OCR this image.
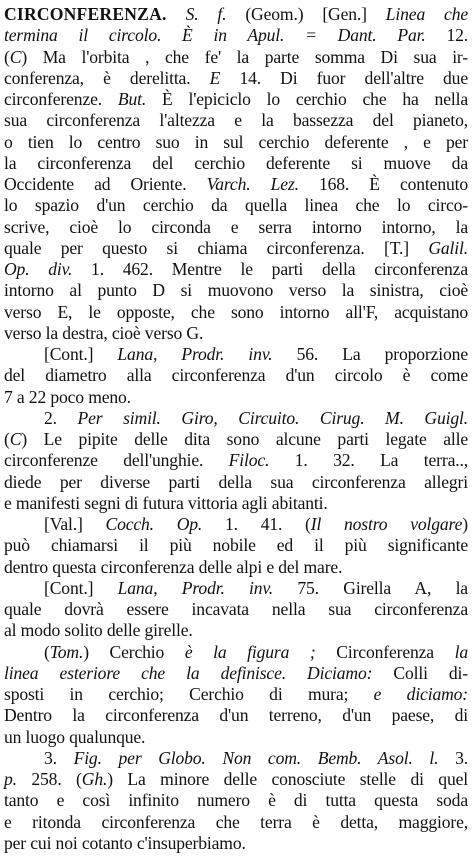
CIRCONFERENZA. S. f. (Geom.) [Gen.] Linea che
termina il circolo. È in Apul. = Dant. Par. 12.
(C) Ma l'orbita , che fe' la parte somma Di sua ir-
conferenza, è derelitta. E 14. Di fuor dell'altre due
circonferenze. But. È l'epiciclo lo cerchio che ha nella
sua circonferenza l'altezza e la bassezza del pianeto,
o tien lo centro suo in sul cerchio deferente , e per
la circonferenza del cerchio deferente si muove da
Occidente ad Oriente. Varch. Lez. 168. È contenuto
lo spazio d'un cerchio da quella linea che lo circo-
scrive, cioè lo circonda e serra intorno intorno, la
quale per questo si chiama circonferenza. [T.] Galil.
Op. div. 1. 462. Mentre le parti della circonferenza
intorno al punto D si muovono verso la sinistra, cioè
verso E, le opposte, che sono intorno all'F, acquistano
verso la destra, cioè verso G.
[Cont.] Lana, Prodr. inv. 56. La proporzione
del diametro alla circonferenza d'un circolo è come
7 a 22 poco meno.
2. Per simil. Giro, Circuito. Cirug. M. Guigl.
(C) Le pipite delle dita sono alcune parti legate alle
circonferenze dell'unghie. Filoc. 1. 32. La terra..,
diede per diverse parti della sua circonferenza allegri
e manifesti segni di futura vittoria agli abitanti.
[Val.] Cocch. Op. 1. 41. (Il nostro volgare)
può chiamarsi il più nobile ed il più significante
dentro questa circonferenza delle alpi e del mare.
[Cont.] Lana, Prodr. inv. 75. Girella A, la
quale dovrà essere incavata nella sua circonferenza
al modo solito delle girelle.
(Tom.) Cerchio è la figura ; Circonferenza la
linea esteriore che la definisce. Diciamo: Colli di-
sposti in cerchio; Cerchio di mura; e diciamo:
Dentro la circonferenza d'un terreno, d'un paese, di
un luogo qualunque.
3. Fig. per Globo. Non com. Bemb. Asol. l. 3.
p. 258. (Gh.) La minore delle conosciute stelle di quel
tanto e così infinito numero è di tutta questa soda
e ritonda circonferenza che terra è detta, maggiore,
per cui noi cotanto c'insuperbiamo.
